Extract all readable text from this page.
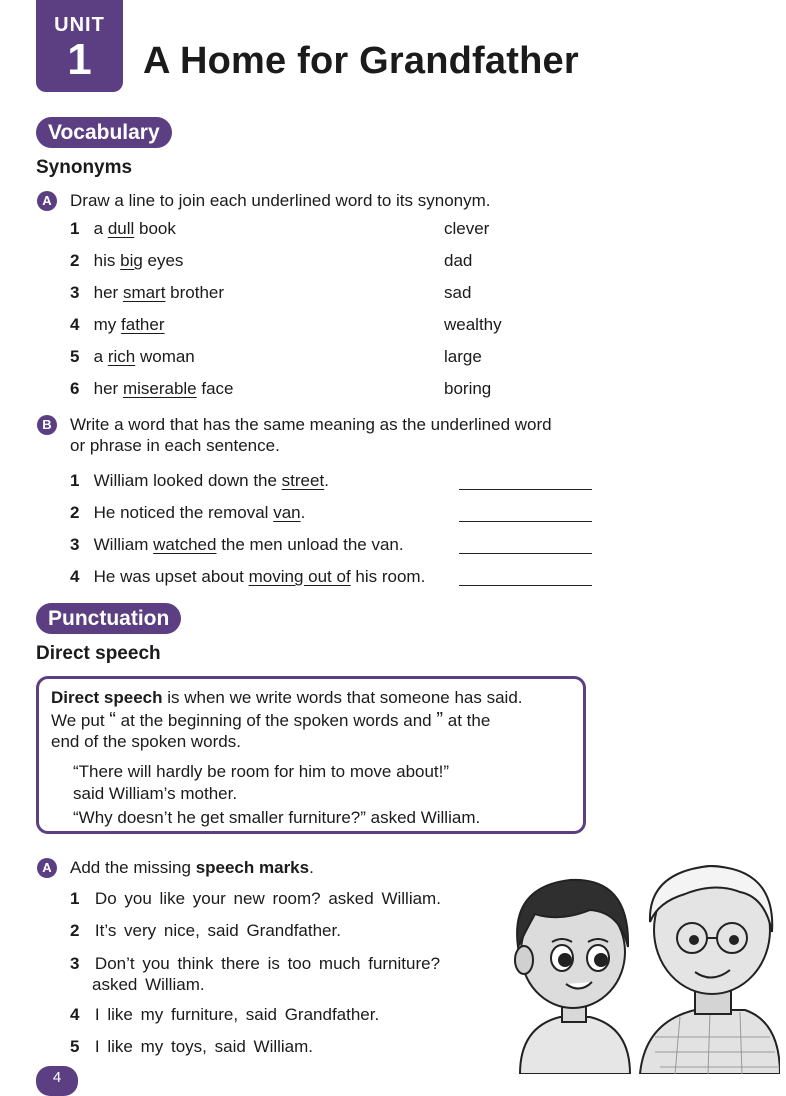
UNIT
1	A Home for Grandfather
Vocabulary
Synonyms
A	Draw a line to join each underlined word to its synonym.
1 a dull book	clever
2 his big eyes	dad
3 her smart brother	sad
4 my father	wealthy
5 a rich woman	large
6 her miserable face	boring
B	Write a word that has the same meaning as the underlined word
or phrase in each sentence.
1 William looked down the street.
2 He noticed the removal van.
3 William watched the men unload the van.
4 He was upset about moving out of his room.
Punctuation
Direct speech
Direct speech is when we write words that someone has said.
We put “ at the beginning of the spoken words and ” at the
end of the spoken words.
“There will hardly be room for him to move about!”
said William’s mother.
“Why doesn’t he get smaller furniture?” asked William.
A	Add the missing speech marks.
1 Do you like your new room? asked William.
2 It’s very nice, said Grandfather.
3 Don’t you think there is too much furniture?
asked William.
4 I like my furniture, said Grandfather.
5 I like my toys, said William.
4
